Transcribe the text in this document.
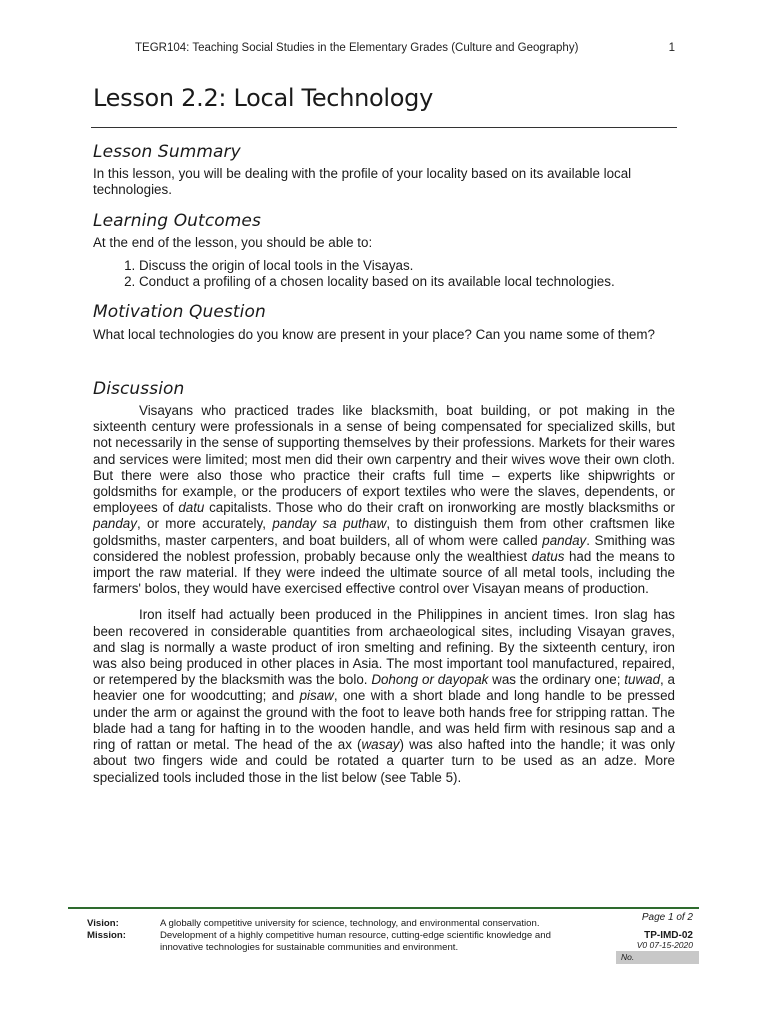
TEGR104: Teaching Social Studies in the Elementary Grades (Culture and Geography)	1
Lesson 2.2: Local Technology
Lesson Summary

In this lesson, you will be dealing with the profile of your locality based on its available local technologies.

Learning Outcomes

At the end of the lesson, you should be able to:

1. Discuss the origin of local tools in the Visayas.
2. Conduct a profiling of a chosen locality based on its available local technologies.
Motivation Question

What local technologies do you know are present in your place? Can you name some of them?

Discussion

Visayans who practiced trades like blacksmith, boat building, or pot making in the sixteenth century were professionals in a sense of being compensated for specialized skills, but not necessarily in the sense of supporting themselves by their professions. Markets for their wares and services were limited; most men did their own carpentry and their wives wove their own cloth. But there were also those who practice their crafts full time – experts like shipwrights or goldsmiths for example, or the producers of export textiles who were the slaves, dependents, or employees of datu capitalists. Those who do their craft on ironworking are mostly blacksmiths or panday, or more accurately, panday sa puthaw, to distinguish them from other craftsmen like goldsmiths, master carpenters, and boat builders, all of whom were called panday. Smithing was considered the noblest profession, probably because only the wealthiest datus had the means to import the raw material. If they were indeed the ultimate source of all metal tools, including the farmers' bolos, they would have exercised effective control over Visayan means of production.

Iron itself had actually been produced in the Philippines in ancient times. Iron slag has been recovered in considerable quantities from archaeological sites, including Visayan graves, and slag is normally a waste product of iron smelting and refining. By the sixteenth century, iron was also being produced in other places in Asia. The most important tool manufactured, repaired, or retempered by the blacksmith was the bolo. Dohong or dayopak was the ordinary one; tuwad, a heavier one for woodcutting; and pisaw, one with a short blade and long handle to be pressed under the arm or against the ground with the foot to leave both hands free for stripping rattan. The blade had a tang for hafting in to the wooden handle, and was held firm with resinous sap and a ring of rattan or metal. The head of the ax (wasay) was also hafted into the handle; it was only about two fingers wide and could be rotated a quarter turn to be used as an adze. More specialized tools included those in the list below (see Table 5).

Vision:	A globally competitive university for science, technology, and environmental conservation.
Mission:	Development of a highly competitive human resource, cutting-edge scientific knowledge and innovative technologies for sustainable communities and environment.
Page 1 of 2
TP-IMD-02
V0 07-15-2020
No.
